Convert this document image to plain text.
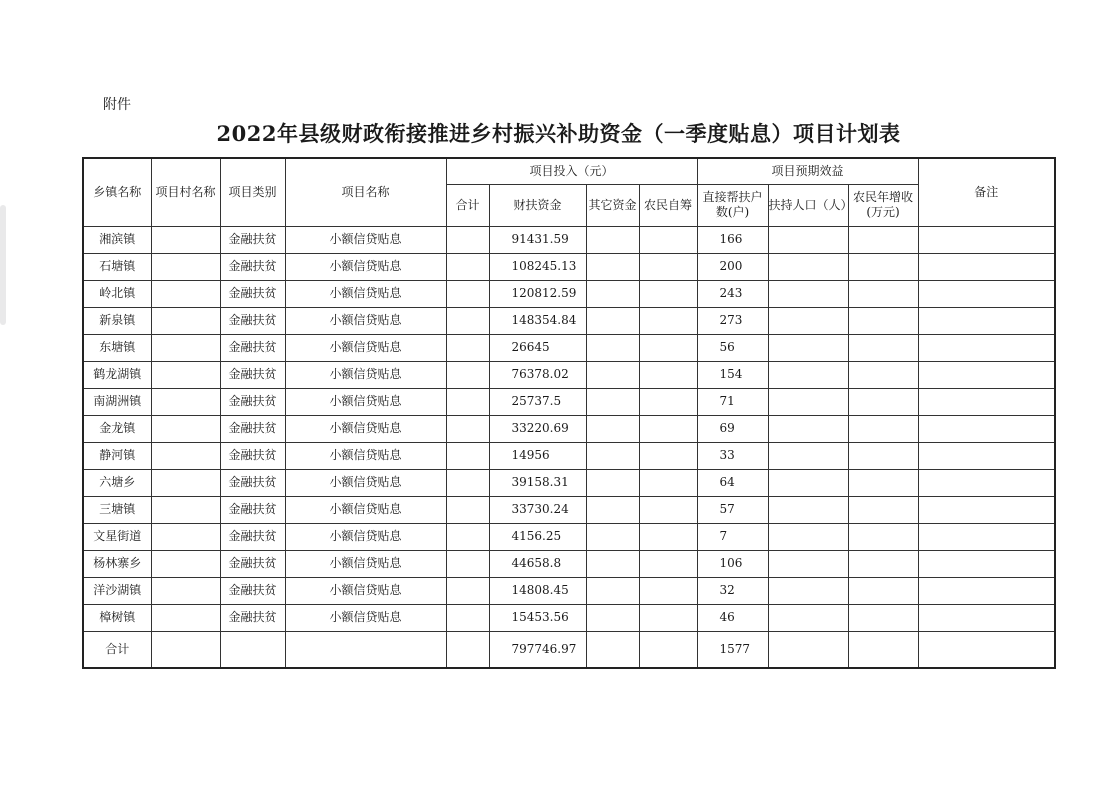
附件
2022年县级财政衔接推进乡村振兴补助资金（一季度贴息）项目计划表
乡镇名称	项目村名称	项目类别	项目名称	项目投入（元）				项目预期效益			备注
				合计	财扶资金	其它资金	农民自筹	直接帮扶户数(户)	扶持人口（人）	农民年增收(万元)	
湘滨镇		金融扶贫	小额信贷贴息		91431.59			166			
石塘镇		金融扶贫	小额信贷贴息		108245.13			200			
岭北镇		金融扶贫	小额信贷贴息		120812.59			243			
新泉镇		金融扶贫	小额信贷贴息		148354.84			273			
东塘镇		金融扶贫	小额信贷贴息		26645			56			
鹤龙湖镇		金融扶贫	小额信贷贴息		76378.02			154			
南湖洲镇		金融扶贫	小额信贷贴息		25737.5			71			
金龙镇		金融扶贫	小额信贷贴息		33220.69			69			
静河镇		金融扶贫	小额信贷贴息		14956			33			
六塘乡		金融扶贫	小额信贷贴息		39158.31			64			
三塘镇		金融扶贫	小额信贷贴息		33730.24			57			
文星街道		金融扶贫	小额信贷贴息		4156.25			7			
杨林寨乡		金融扶贫	小额信贷贴息		44658.8			106			
洋沙湖镇		金融扶贫	小额信贷贴息		14808.45			32			
樟树镇		金融扶贫	小额信贷贴息		15453.56			46			
合计					797746.97			1577			
